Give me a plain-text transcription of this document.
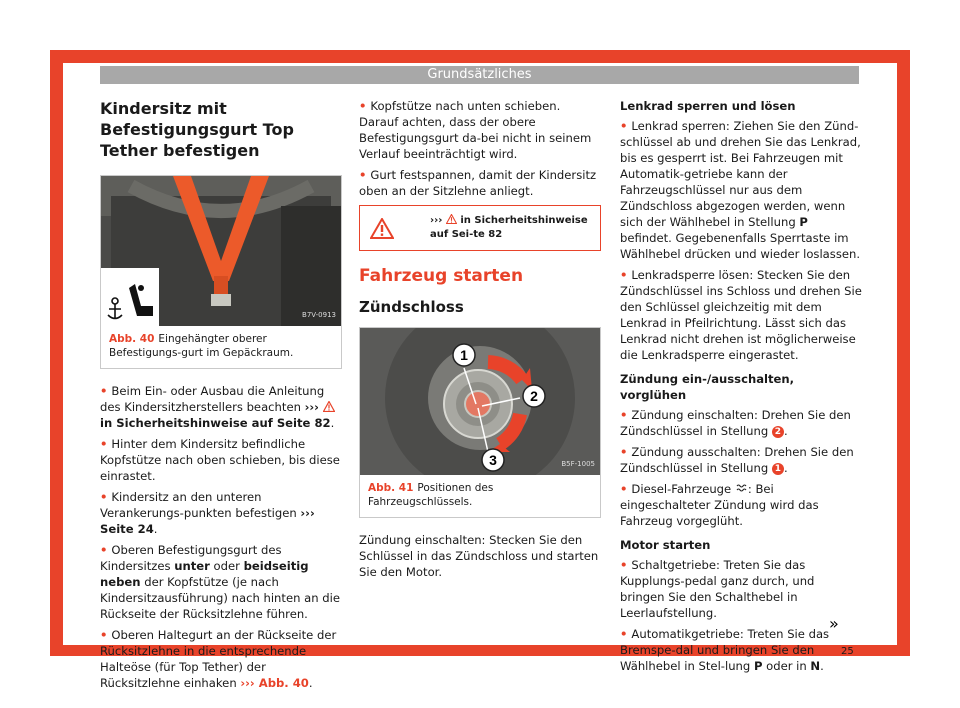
Grundsätzliches
Kindersitz mit Befestigungsgurt Top Tether befestigen
B7V-0913
Abb. 40 Eingehängter oberer Befestigungs-gurt im Gepäckraum.
• Beim Ein- oder Ausbau die Anleitung des Kindersitzherstellers beachten ›››  in Sicherheitshinweise auf Seite 82.
• Hinter dem Kindersitz befindliche Kopfstütze nach oben schieben, bis diese einrastet.
• Kindersitz an den unteren Verankerungs-punkten befestigen ››› Seite 24.
• Oberen Befestigungsgurt des Kindersitzes unter oder beidseitig neben der Kopfstütze (je nach Kindersitzausführung) nach hinten an die Rückseite der Rücksitzlehne führen.
• Oberen Haltegurt an der Rückseite der Rücksitzlehne in die entsprechende Halteöse (für Top Tether) der Rücksitzlehne einhaken ››› Abb. 40.
• Kopfstütze nach unten schieben. Darauf achten, dass der obere Befestigungsgurt da-bei nicht in seinem Verlauf beeinträchtigt wird.
• Gurt festspannen, damit der Kindersitz oben an der Sitzlehne anliegt.
›››  in Sicherheitshinweise auf Sei-te 82
Fahrzeug starten
Zündschloss
1
2
3	B5F-1005
Abb. 41 Positionen des Fahrzeugschlüssels.

Zündung einschalten: Stecken Sie den Schlüssel in das Zündschloss und starten Sie den Motor.

Lenkrad sperren und lösen
• Lenkrad sperren: Ziehen Sie den Zünd-schlüssel ab und drehen Sie das Lenkrad, bis es gesperrt ist. Bei Fahrzeugen mit Automatik-getriebe kann der Fahrzeugschlüssel nur aus dem Zündschloss abgezogen werden, wenn sich der Wählhebel in Stellung P befindet. Gegebenenfalls Sperrtaste im Wählhebel drücken und wieder loslassen.
• Lenkradsperre lösen: Stecken Sie den Zündschlüssel ins Schloss und drehen Sie den Schlüssel gleichzeitig mit dem Lenkrad in Pfeilrichtung. Lässt sich das Lenkrad nicht drehen ist möglicherweise die Lenkradsperre eingerastet.
Zündung ein-/ausschalten, vorglühen
• Zündung einschalten: Drehen Sie den Zündschlüssel in Stellung 2 .
• Zündung ausschalten: Drehen Sie den Zündschlüssel in Stellung 1 .
• Diesel-Fahrzeuge : Bei eingeschalteter Zündung wird das Fahrzeug vorgeglüht.
Motor starten
• Schaltgetriebe: Treten Sie das Kupplungs-pedal ganz durch, und bringen Sie den Schalthebel in Leerlaufstellung.
• Automatikgetriebe: Treten Sie das Bremspe-dal und bringen Sie den Wählhebel in Stel-lung P oder in N.
»
25
